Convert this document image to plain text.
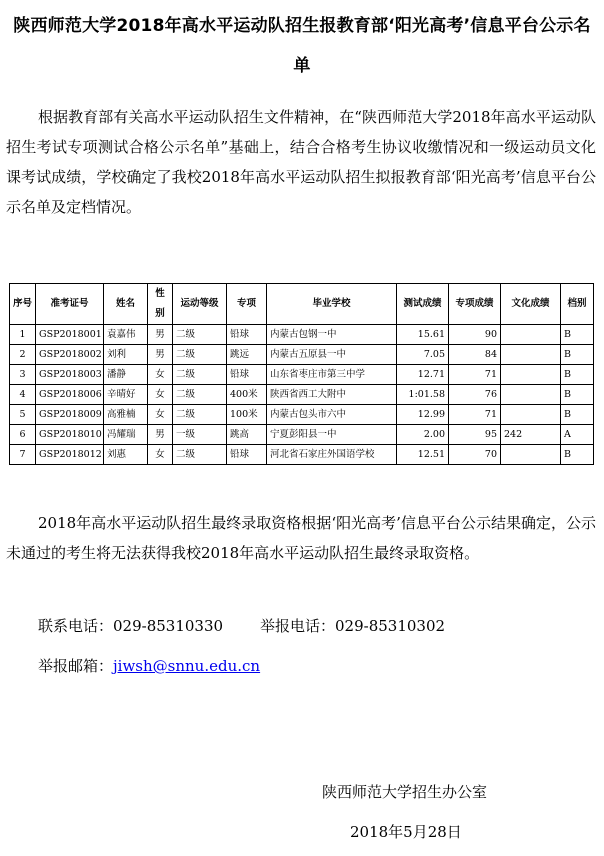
陕西师范大学2018年高水平运动队招生报教育部‘阳光高考’信息平台公示名单
根据教育部有关高水平运动队招生文件精神，在“陕西师范大学2018年高水平运动队招生考试专项测试合格公示名单”基础上，结合合格考生协议收缴情况和一级运动员文化课考试成绩，学校确定了我校2018年高水平运动队招生拟报教育部‘阳光高考’信息平台公示名单及定档情况。
序号	准考证号	姓名	性别	运动等级	专项	毕业学校	测试成绩	专项成绩	文化成绩	档别
1	GSP2018001	袁嘉伟	男	二级	铅球	内蒙古包钢一中	15.61	90		B
2	GSP2018002	刘利	男	二级	跳远	内蒙古五原县一中	7.05	84		B
3	GSP2018003	潘静	女	二级	铅球	山东省枣庄市第三中学	12.71	71		B
4	GSP2018006	辛晴好	女	二级	400米	陕西省西工大附中	1:01.58	76		B
5	GSP2018009	高雅楠	女	二级	100米	内蒙古包头市六中	12.99	71		B
6	GSP2018010	冯耀瑞	男	一级	跳高	宁夏彭阳县一中	2.00	95	242	A
7	GSP2018012	刘惠	女	二级	铅球	河北省石家庄外国语学校	12.51	70		B
2018年高水平运动队招生最终录取资格根据‘阳光高考’信息平台公示结果确定，公示未通过的考生将无法获得我校2018年高水平运动队招生最终录取资格。
联系电话：029-85310330 举报电话：029-85310302
举报邮箱：jiwsh@snnu.edu.cn
陕西师范大学招生办公室
2018年5月28日
